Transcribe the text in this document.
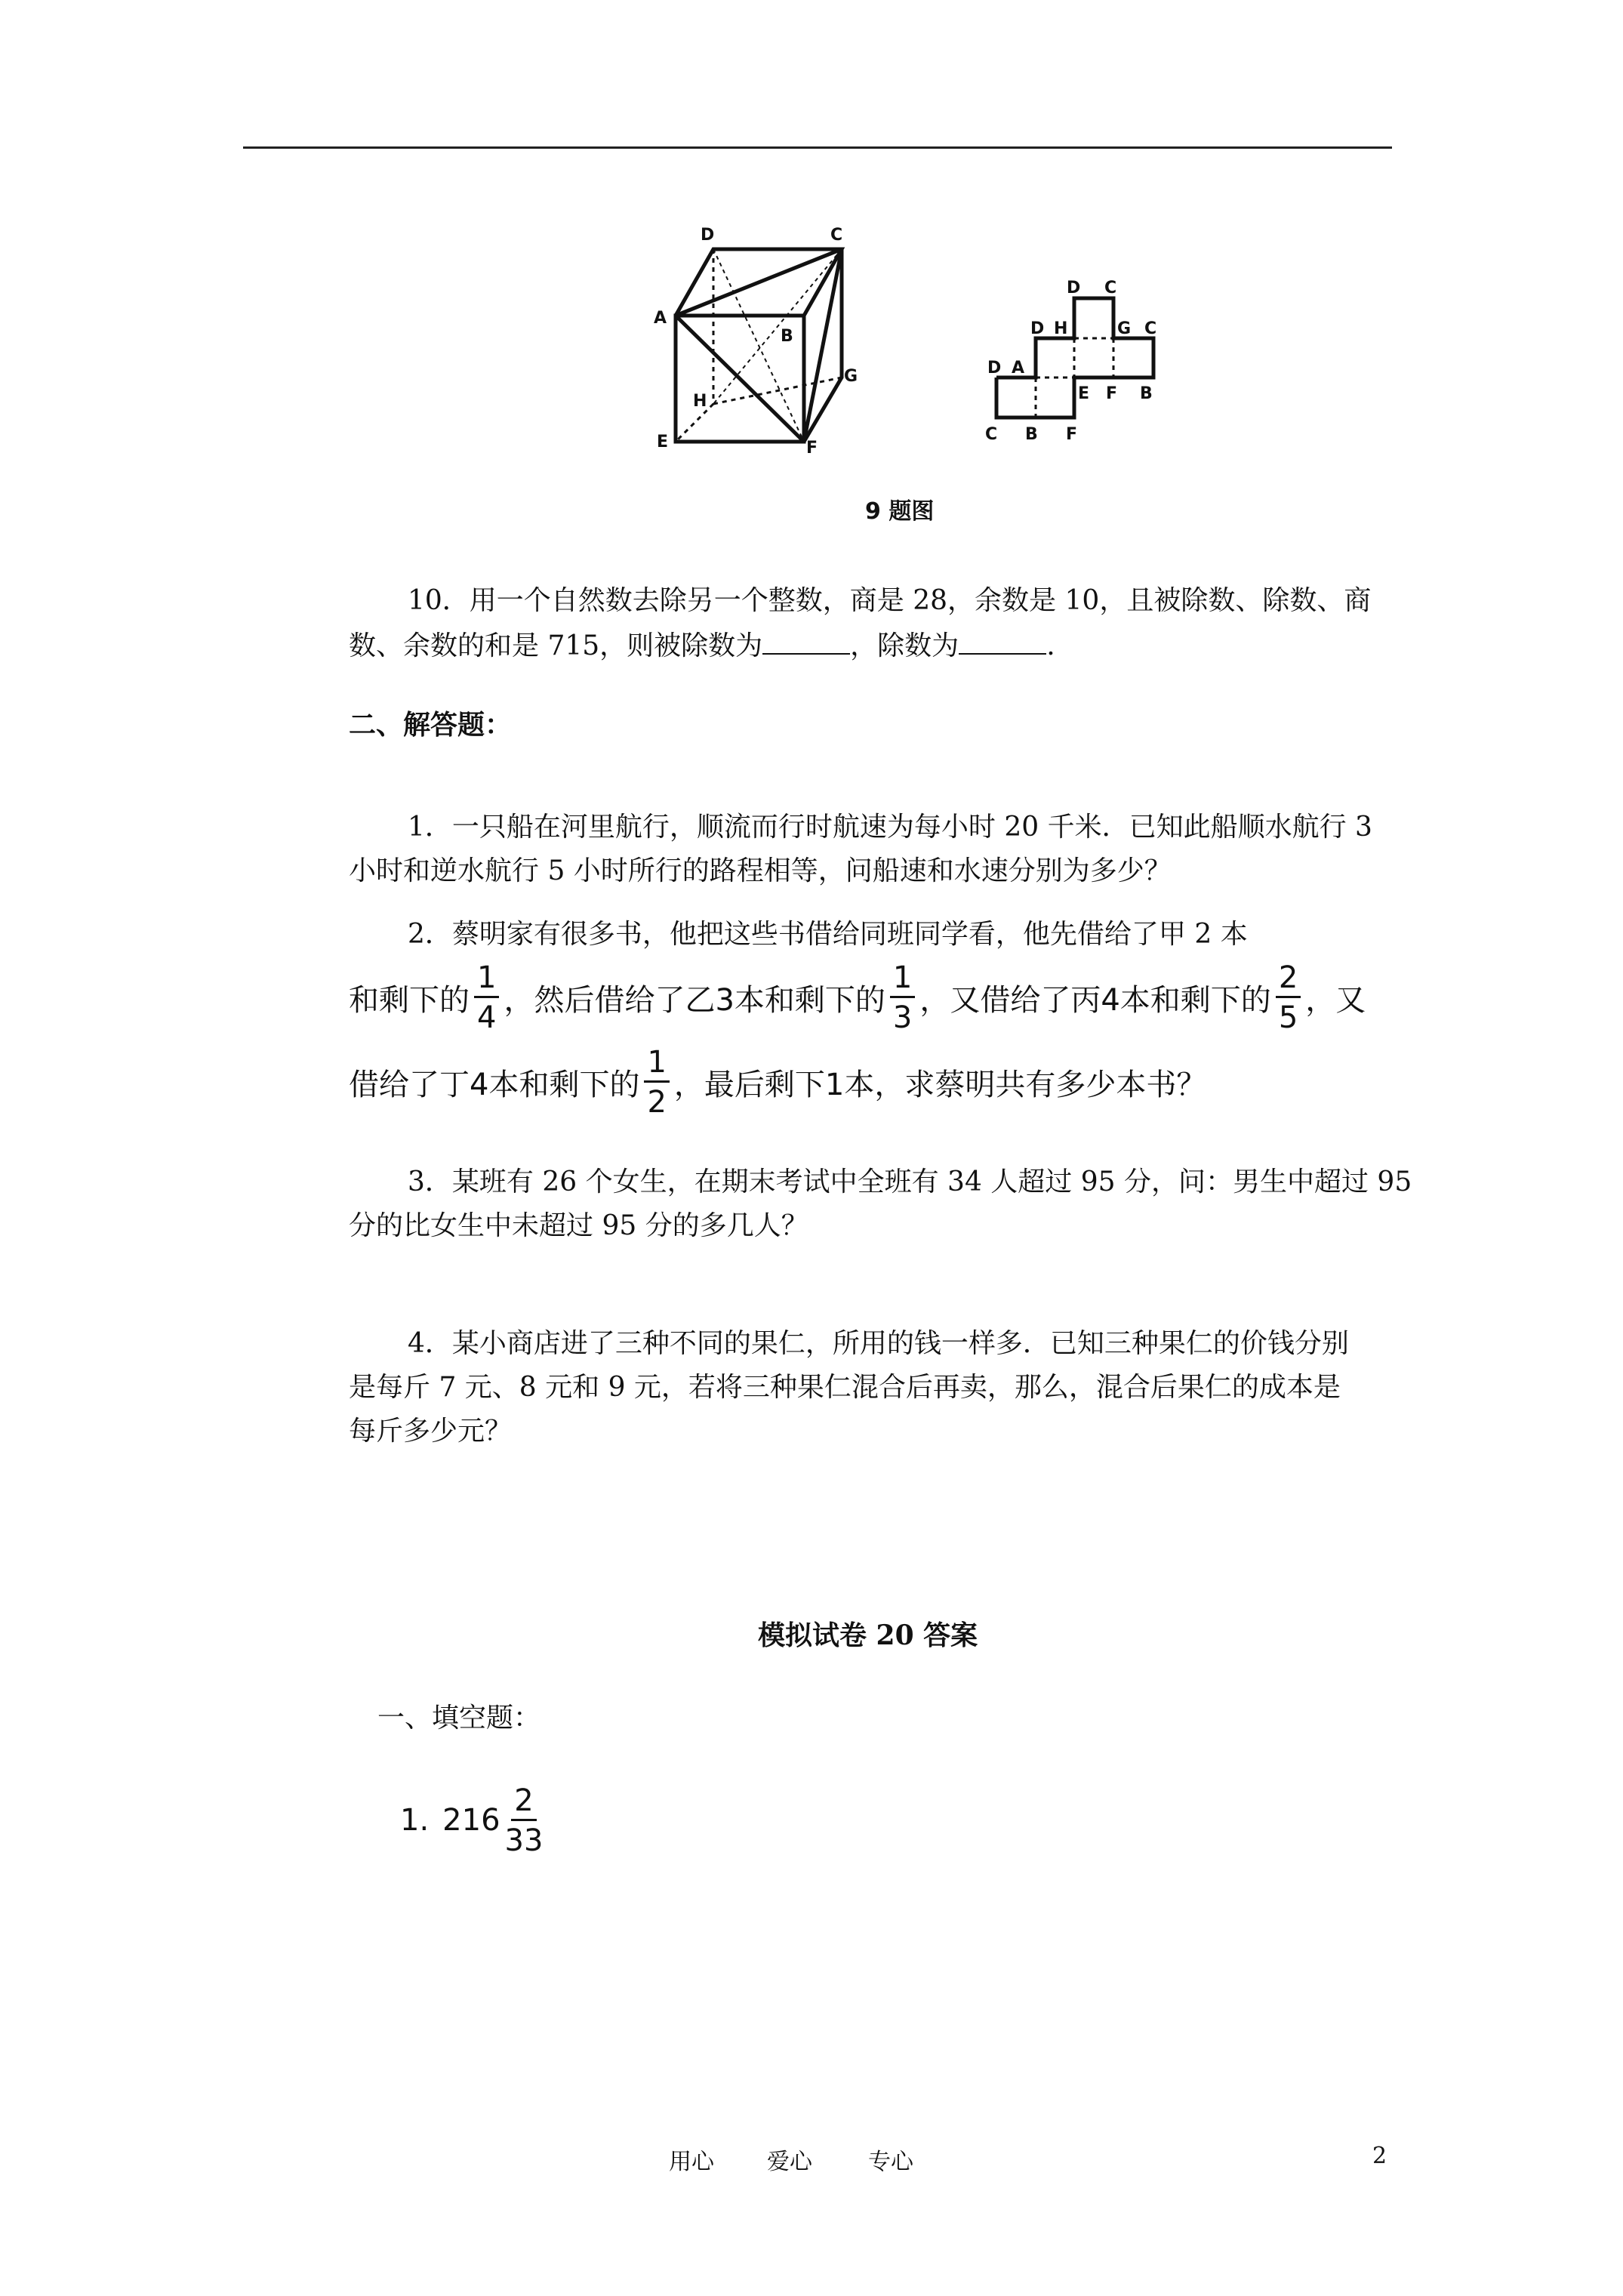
D	C
A
B
G
H
E	F
D C
D H	G C
D A
E F B
C B F
9 题图
10．用一个自然数去除另一个整数，商是 28，余数是 10，且被除数、除数、商
数、余数的和是 715，则被除数为	，除数为	.
二、解答题：
1．一只船在河里航行，顺流而行时航速为每小时 20 千米．已知此船顺水航行 3
小时和逆水航行 5 小时所行的路程相等，问船速和水速分别为多少？
2．蔡明家有很多书，他把这些书借给同班同学看，他先借给了甲 2 本
和剩下的 $\frac{1}{4}$ ，然后借给了乙3本和剩下的 $\frac{1}{3}$ ，又借给了丙4本和剩下的 $\frac{2}{5}$ ，又
借给了丁4本和剩下的 $\frac{1}{2}$ ，最后剩下1本，求蔡明共有多少本书？
3．某班有 26 个女生，在期末考试中全班有 34 人超过 95 分，问：男生中超过 95
分的比女生中未超过 95 分的多几人？
4．某小商店进了三种不同的果仁，所用的钱一样多．已知三种果仁的价钱分别
是每斤 7 元、8 元和 9 元，若将三种果仁混合后再卖，那么，混合后果仁的成本是
每斤多少元？
模拟试卷 20 答案
一、填空题：
1. $216 \frac{2}{33}$
用心 爱心 专心	2
